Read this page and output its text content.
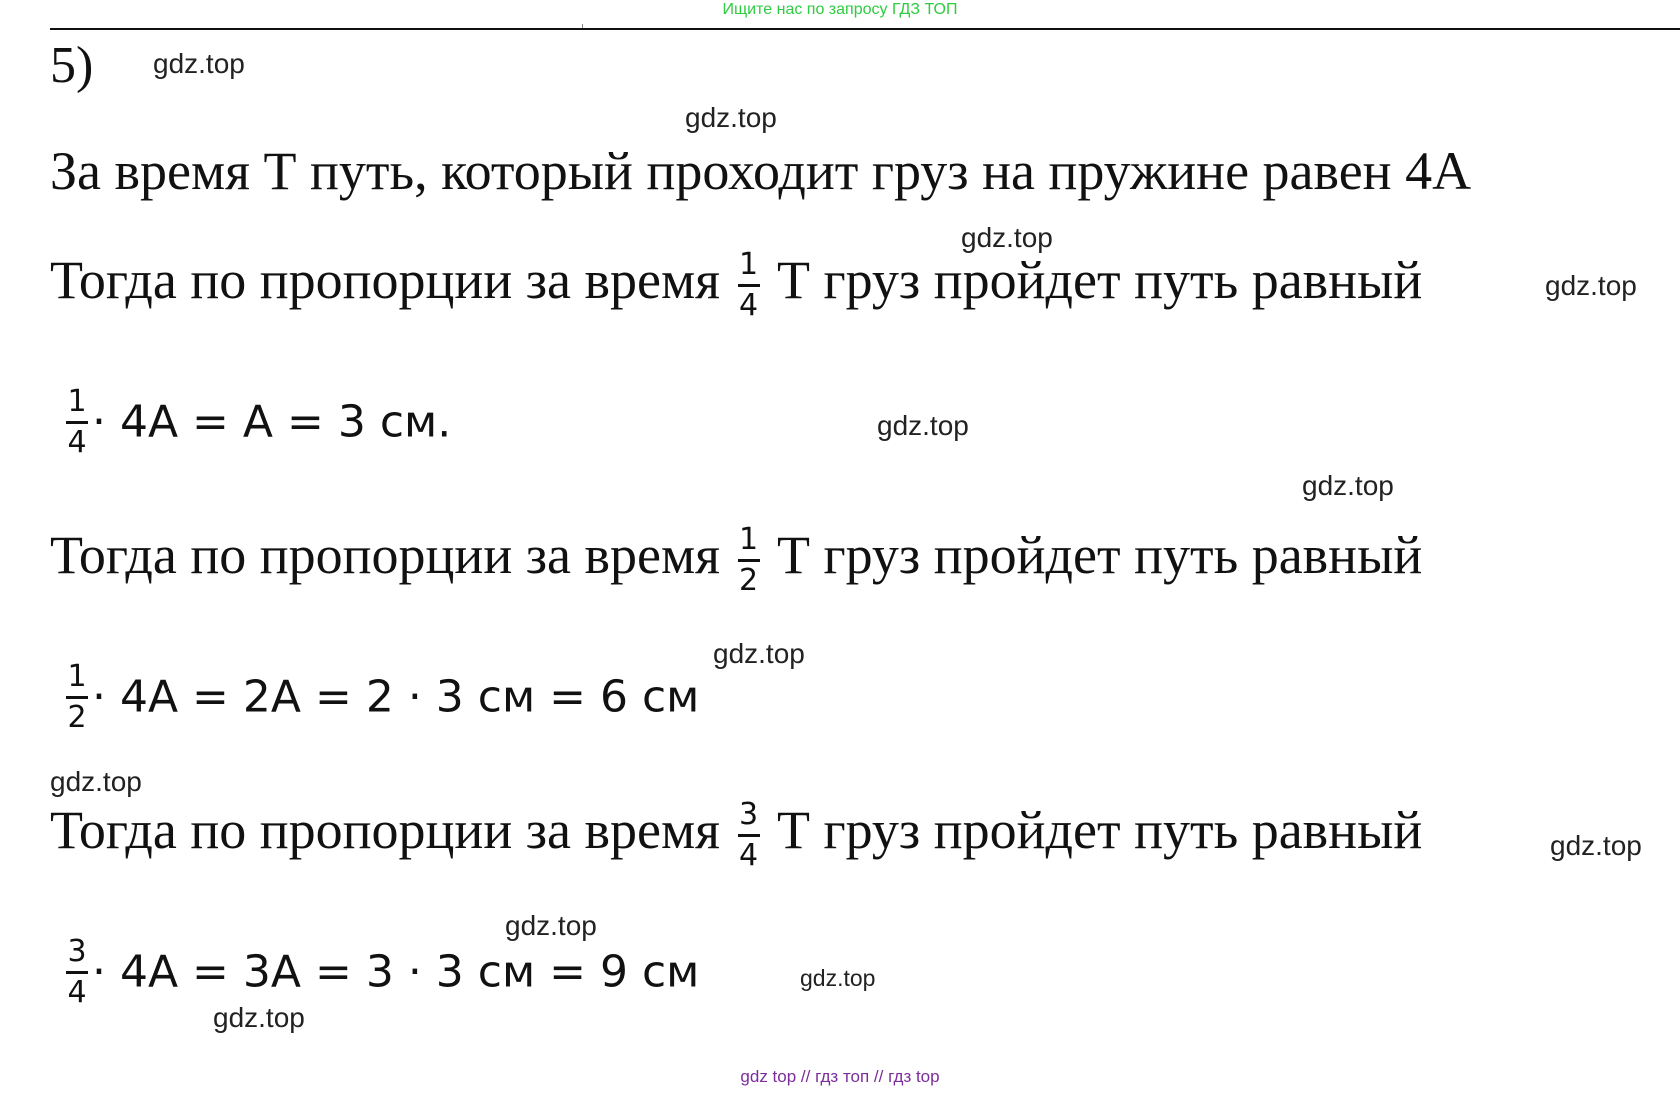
Ищите нас по запросу ГДЗ ТОП
5)
За время Т путь, который проходит груз на пружине равен 4А
Тогда по пропорции за время $\frac{1}{4}$ Т груз пройдет путь равный
$\frac{1}{4} \cdot 4A = A = 3$ см.
Тогда по пропорции за время $\frac{1}{2}$ Т груз пройдет путь равный
$\frac{1}{2} \cdot 4A = 2A = 2 \cdot 3$ см = 6 см
Тогда по пропорции за время $\frac{3}{4}$ Т груз пройдет путь равный
$\frac{3}{4} \cdot 4A = 3A = 3 \cdot 3$ см = 9 см
gdz.top
gdz.top
gdz.top
gdz.top
gdz.top
gdz.top
gdz.top
gdz.top
gdz.top
gdz.top
gdz.top
gdz.top
gdz top // гдз топ // гдз top
